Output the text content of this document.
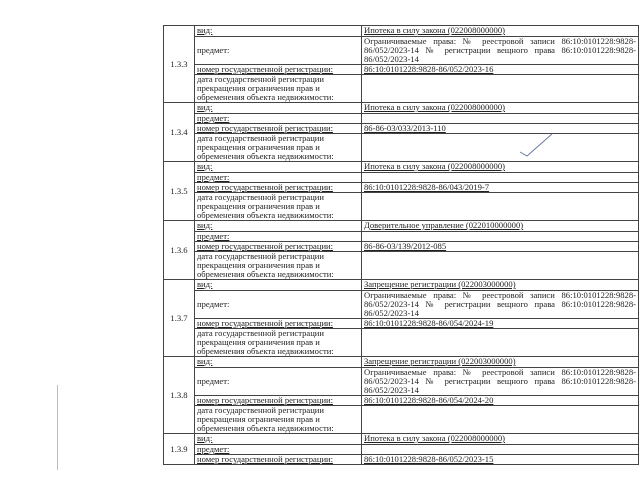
1.3.3	вид:	Ипотека в силу закона (022008000000)
	предмет:	Ограничиваемые права: № реестровой записи 86:10:0101228:9828-86/052/2023-14 № регистрации вещного права 86:10:0101228:9828-86/052/2023-14
	номер государственной регистрации:	86:10:0101228:9828-86/052/2023-16
	дата государственной регистрации прекращения ограничения прав и обременения объекта недвижимости:	
1.3.4	вид:	Ипотека в силу закона (022008000000)
	предмет:	
	номер государственной регистрации:	86-86-03/033/2013-110
	дата государственной регистрации прекращения ограничения прав и обременения объекта недвижимости:	
1.3.5	вид:	Ипотека в силу закона (022008000000)
	предмет:	
	номер государственной регистрации:	86:10:0101228:9828-86/043/2019-7
	дата государственной регистрации прекращения ограничения прав и обременения объекта недвижимости:	
1.3.6	вид:	Доверительное управление (022010000000)
	предмет:	
	номер государственной регистрации:	86-86-03/139/2012-085
	дата государственной регистрации прекращения ограничения прав и обременения объекта недвижимости:	
1.3.7	вид:	Запрещение регистрации (022003000000)
	предмет:	Ограничиваемые права: № реестровой записи 86:10:0101228:9828-86/052/2023-14 № регистрации вещного права 86:10:0101228:9828-86/052/2023-14
	номер государственной регистрации:	86:10:0101228:9828-86/054/2024-19
	дата государственной регистрации прекращения ограничения прав и обременения объекта недвижимости:	
1.3.8	вид:	Запрещение регистрации (022003000000)
	предмет:	Ограничиваемые права: № реестровой записи 86:10:0101228:9828-86/052/2023-14 № регистрации вещного права 86:10:0101228:9828-86/052/2023-14
	номер государственной регистрации:	86:10:0101228:9828-86/054/2024-20
	дата государственной регистрации прекращения ограничения прав и обременения объекта недвижимости:	
1.3.9	вид:	Ипотека в силу закона (022008000000)
	предмет:	
	номер государственной регистрации:	86:10:0101228:9828-86/052/2023-15
